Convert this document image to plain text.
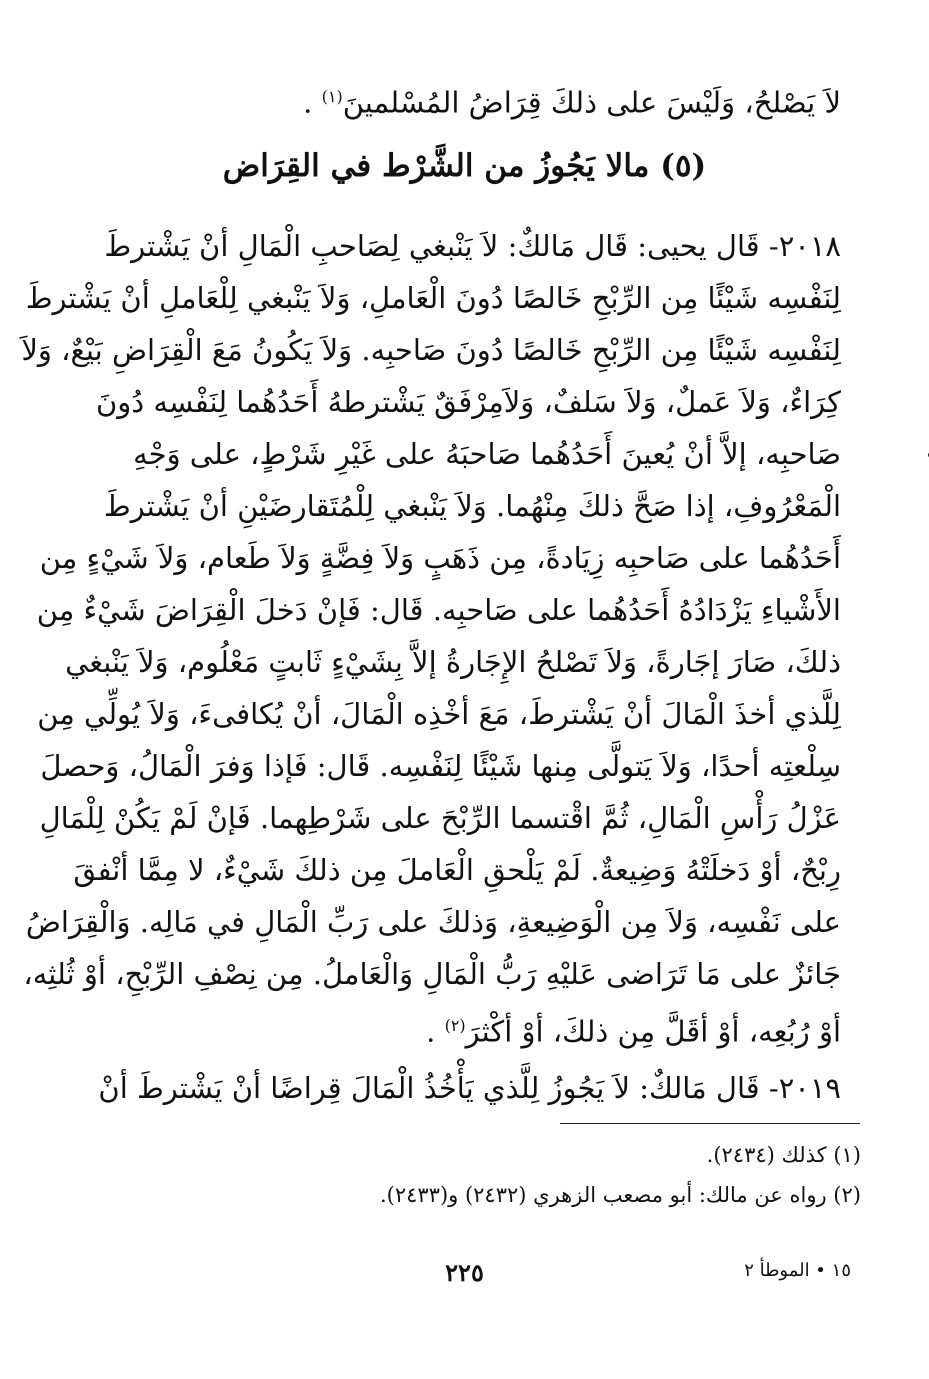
لاَ يَصْلحُ، وَلَيْسَ على ذلكَ قِرَاضُ المُسْلمينَ$^{(١)}$ .
(٥) مالا يَجُوزُ من الشَّرْط في القِرَاض
٢٠١٨- قَال يحيى: قَال مَالكٌ: لاَ يَنْبغي لِصَاحبِ الْمَالِ أنْ يَشْترطَ
لِنَفْسِه شَيْئًا مِن الرِّبْحِ خَالصًا دُونَ الْعَاملِ، وَلاَ يَنْبغي لِلْعَاملِ أنْ يَشْترطَ
لِنَفْسِه شَيْئًا مِن الرِّبْحِ خَالصًا دُونَ صَاحبِه. وَلاَ يَكُونُ مَعَ الْقِرَاضِ بَيْعٌ، وَلاَ
كِرَاءٌ، وَلاَ عَملٌ، وَلاَ سَلفٌ، وَلاَمِرْفَقٌ يَشْترطهُ أَحَدُهُما لِنَفْسِه دُونَ
صَاحبِه، إلاَّ أنْ يُعينَ أَحَدُهُما صَاحبَهُ على غَيْرِ شَرْطٍ، على وَجْهِ
الْمَعْرُوفِ، إذا صَحَّ ذلكَ مِنْهُما. وَلاَ يَنْبغي لِلْمُتَقارضَيْنِ أنْ يَشْترطَ
أَحَدُهُما على صَاحبِه زِيَادةً، مِن ذَهَبٍ وَلاَ فِضَّةٍ وَلاَ طَعام، وَلاَ شَيْءٍ مِن
الأَشْياءِ يَزْدَادُهُ أَحَدُهُما على صَاحبِه. قَال: فَإنْ دَخلَ الْقِرَاضَ شَيْءٌ مِن
ذلكَ، صَارَ إجَارةً، وَلاَ تَصْلحُ الإِجَارةُ إلاَّ بِشَيْءٍ ثَابتٍ مَعْلُوم، وَلاَ يَنْبغي
لِلَّذي أخذَ الْمَالَ أنْ يَشْترطَ، مَعَ أخْذِه الْمَالَ، أنْ يُكافىءَ، وَلاَ يُولِّي مِن
سِلْعتِه أحدًا، وَلاَ يَتولَّى مِنها شَيْئًا لِنَفْسِه. قَال: فَإذا وَفرَ الْمَالُ، وَحصلَ
عَزْلُ رَأْسِ الْمَالِ، ثُمَّ اقْتسما الرِّبْحَ على شَرْطِهما. فَإنْ لَمْ يَكُنْ لِلْمَالِ
رِبْحٌ، أوْ دَخلَتْهُ وَضِيعةٌ. لَمْ يَلْحقِ الْعَاملَ مِن ذلكَ شَيْءٌ، لا مِمَّا أنْفقَ
على نَفْسِه، وَلاَ مِن الْوَضِيعةِ، وَذلكَ على رَبِّ الْمَالِ في مَالِه. وَالْقِرَاضُ
جَائزٌ على مَا تَرَاضى عَليْهِ رَبُّ الْمَالِ وَالْعَاملُ. مِن نِصْفِ الرِّبْحِ، أوْ ثُلثِه،
أوْ رُبُعِه، أوْ أقَلَّ مِن ذلكَ، أوْ أكْثرَ$^{(٢)}$ .
٢٠١٩- قَال مَالكٌ: لاَ يَجُوزُ لِلَّذي يَأْخُذُ الْمَالَ قِراضًا أنْ يَشْترطَ أنْ
(١) كذلك (٢٤٣٤).
(٢) رواه عن مالك: أبو مصعب الزهري (٢٤٣٢) و(٢٤٣٣).
٢٢٥	١٥ ‌• الموطأ ٢
